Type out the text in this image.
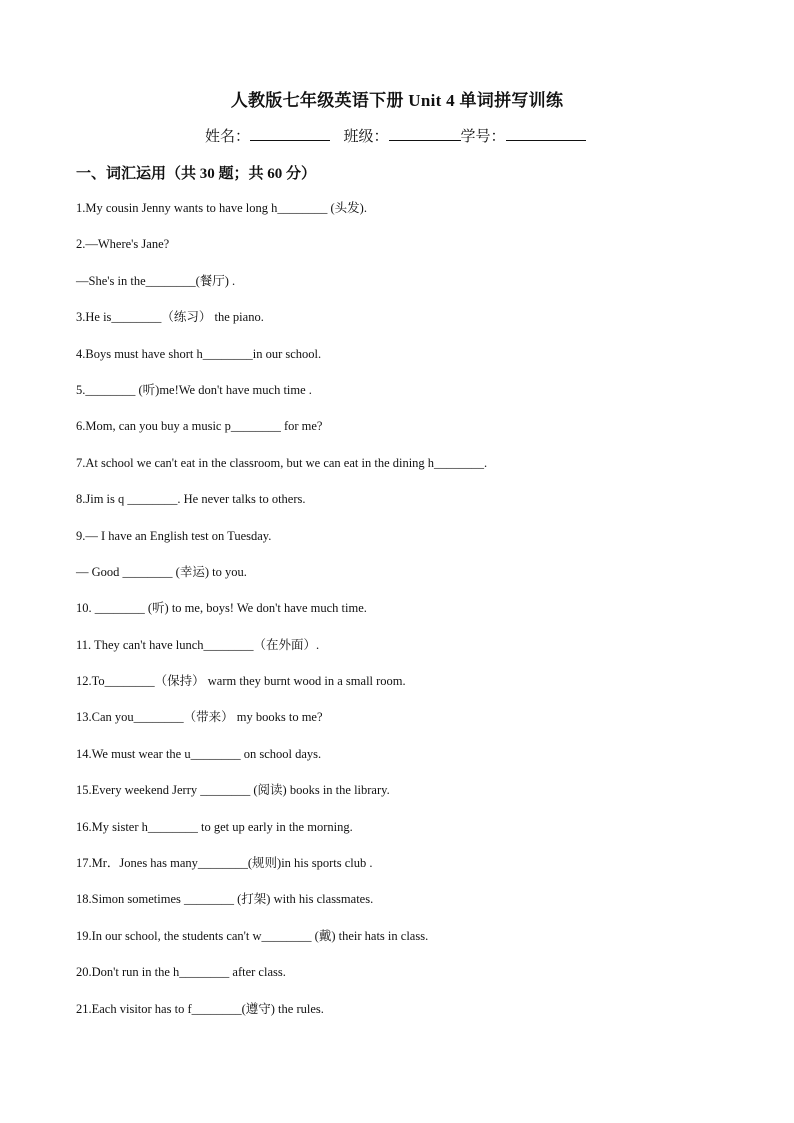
人教版七年级英语下册 Unit 4 单词拼写训练
姓名：	班级：	学号：
一、词汇运用（共 30 题；共 60 分）
1.My cousin Jenny wants to have long h________ (头发).
2.—Where's Jane?
—She's in the________(餐厅) .
3.He is________（练习） the piano.
4.Boys must have short h________in our school.
5.________ (听)me!We don't have much time .
6.Mom, can you buy a music p________ for me?
7.At school we can't eat in the classroom, but we can eat in the dining h________.
8.Jim is q ________. He never talks to others.
9.— I have an English test on Tuesday.
— Good ________ (幸运) to you.
10. ________ (听) to me, boys! We don't have much time.
11. They can't have lunch________（在外面）.
12.To________（保持） warm they burnt wood in a small room.
13.Can you________（带来） my books to me?
14.We must wear the u________ on school days.
15.Every weekend Jerry ________ (阅读) books in the library.
16.My sister h________ to get up early in the morning.
17.Mr．Jones has many________(规则)in his sports club .
18.Simon sometimes ________ (打架) with his classmates.
19.In our school, the students can't w________ (戴) their hats in class.
20.Don't run in the h________ after class.
21.Each visitor has to f________(遵守) the rules.
